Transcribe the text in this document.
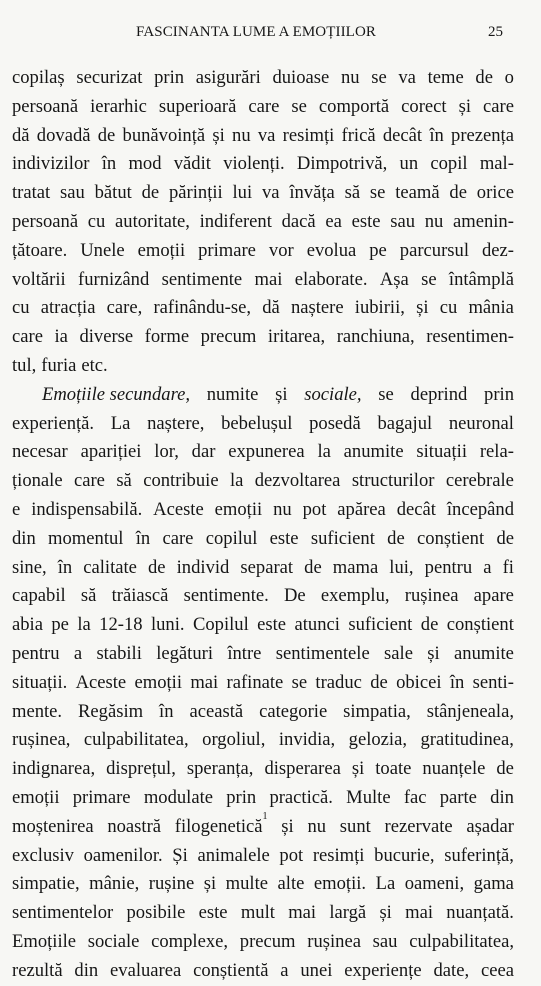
FASCINANTA LUME A EMOȚIILOR	25
copilaș securizat prin asigurări duioase nu se va teme de o
persoană ierarhic superioară care se comportă corect și care
dă dovadă de bunăvoință și nu va resimți frică decât în prezența
indivizilor în mod vădit violenți. Dimpotrivă, un copil mal-
tratat sau bătut de părinții lui va învăța să se teamă de orice
persoană cu autoritate, indiferent dacă ea este sau nu amenin-
țătoare. Unele emoții primare vor evolua pe parcursul dez-
voltării furnizând sentimente mai elaborate. Așa se întâmplă
cu atracția care, rafinându-se, dă naștere iubirii, și cu mânia
care ia diverse forme precum iritarea, ranchiuna, resentimen-
tul, furia etc.
Emoțiile secundare, numite și sociale, se deprind prin
experiență. La naștere, bebelușul posedă bagajul neuronal
necesar apariției lor, dar expunerea la anumite situații rela-
ționale care să contribuie la dezvoltarea structurilor cerebrale
e indispensabilă. Aceste emoții nu pot apărea decât începând
din momentul în care copilul este suficient de conștient de
sine, în calitate de individ separat de mama lui, pentru a fi
capabil să trăiască sentimente. De exemplu, rușinea apare
abia pe la 12-18 luni. Copilul este atunci suficient de conștient
pentru a stabili legături între sentimentele sale și anumite
situații. Aceste emoții mai rafinate se traduc de obicei în senti-
mente. Regăsim în această categorie simpatia, stânjeneala,
rușinea, culpabilitatea, orgoliul, invidia, gelozia, gratitudinea,
indignarea, disprețul, speranța, disperarea și toate nuanțele de
emoții primare modulate prin practică. Multe fac parte din
moștenirea noastră filogenetică$^1$ și nu sunt rezervate așadar
exclusiv oamenilor. Și animalele pot resimți bucurie, suferință,
simpatie, mânie, rușine și multe alte emoții. La oameni, gama
sentimentelor posibile este mult mai largă și mai nuanțată.
Emoțiile sociale complexe, precum rușinea sau culpabilitatea,
rezultă din evaluarea conștientă a unei experiențe date, ceea
